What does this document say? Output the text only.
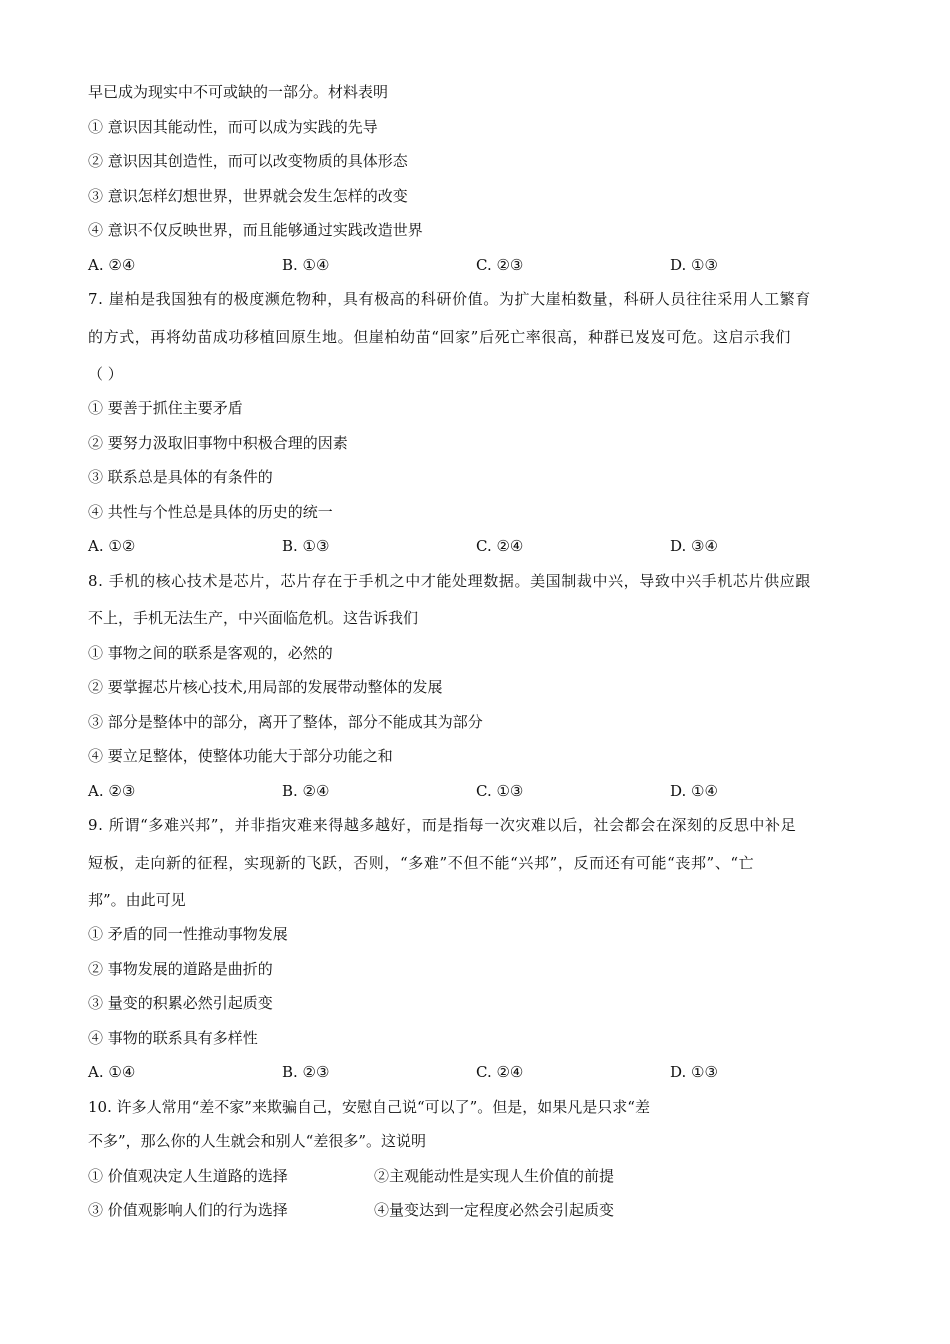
早已成为现实中不可或缺的一部分。材料表明
① 意识因其能动性，而可以成为实践的先导
② 意识因其创造性，而可以改变物质的具体形态
③ 意识怎样幻想世界，世界就会发生怎样的改变
④ 意识不仅反映世界，而且能够通过实践改造世界
A. ②④	B. ①④	C. ②③	D. ①③
7. 崖柏是我国独有的极度濒危物种，具有极高的科研价值。为扩大崖柏数量，科研人员往往采用人工繁育
的方式，再将幼苗成功移植回原生地。但崖柏幼苗“回家”后死亡率很高，种群已岌岌可危。这启示我们
（ ）
① 要善于抓住主要矛盾
② 要努力汲取旧事物中积极合理的因素
③ 联系总是具体的有条件的
④ 共性与个性总是具体的历史的统一
A. ①②	B. ①③	C. ②④	D. ③④
8. 手机的核心技术是芯片，芯片存在于手机之中才能处理数据。美国制裁中兴，导致中兴手机芯片供应跟
不上，手机无法生产，中兴面临危机。这告诉我们
① 事物之间的联系是客观的，必然的
② 要掌握芯片核心技术,用局部的发展带动整体的发展
③ 部分是整体中的部分，离开了整体，部分不能成其为部分
④ 要立足整体，使整体功能大于部分功能之和
A. ②③	B. ②④	C. ①③	D. ①④
9. 所谓“多难兴邦”，并非指灾难来得越多越好，而是指每一次灾难以后，社会都会在深刻的反思中补足
短板，走向新的征程，实现新的飞跃，否则，“多难”不但不能“兴邦”，反而还有可能“丧邦”、“亡
邦”。由此可见
① 矛盾的同一性推动事物发展
② 事物发展的道路是曲折的
③ 量变的积累必然引起质变
④ 事物的联系具有多样性
A. ①④	B. ②③	C. ②④	D. ①③
10. 许多人常用“差不家”来欺骗自己，安慰自己说“可以了”。但是，如果凡是只求“差
不多”，那么你的人生就会和别人“差很多”。这说明
① 价值观决定人生道路的选择	②主观能动性是实现人生价值的前提
③ 价值观影响人们的行为选择	④量变达到一定程度必然会引起质变
